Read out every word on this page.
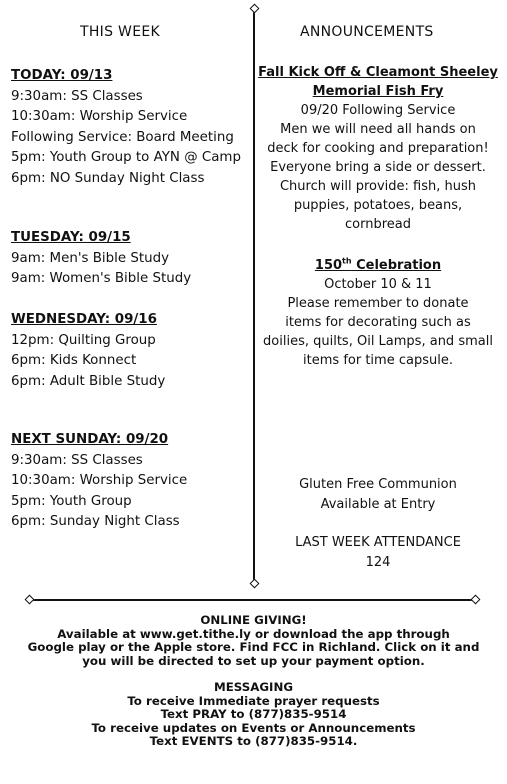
THIS WEEK	ANNOUNCEMENTS
TODAY: 09/13
9:30am: SS Classes
10:30am: Worship Service
Following Service: Board Meeting
5pm: Youth Group to AYN @ Camp
6pm: NO Sunday Night Class
TUESDAY: 09/15
9am: Men's Bible Study
9am: Women's Bible Study
WEDNESDAY: 09/16
12pm: Quilting Group
6pm: Kids Konnect
6pm: Adult Bible Study
NEXT SUNDAY: 09/20
9:30am: SS Classes
10:30am: Worship Service
5pm: Youth Group
6pm: Sunday Night Class
Fall Kick Off & Cleamont Sheeley
Memorial Fish Fry
09/20 Following Service
Men we will need all hands on
deck for cooking and preparation!
Everyone bring a side or dessert.
Church will provide: fish, hush
puppies, potatoes, beans,
cornbread
150th Celebration
October 10 & 11
Please remember to donate
items for decorating such as
doilies, quilts, Oil Lamps, and small
items for time capsule.
Gluten Free Communion
Available at Entry
LAST WEEK ATTENDANCE
124
ONLINE GIVING!
Available at www.get.tithe.ly or download the app through
Google play or the Apple store. Find FCC in Richland. Click on it and
you will be directed to set up your payment option.
MESSAGING
To receive Immediate prayer requests
Text PRAY to (877)835-9514
To receive updates on Events or Announcements
Text EVENTS to (877)835-9514.
